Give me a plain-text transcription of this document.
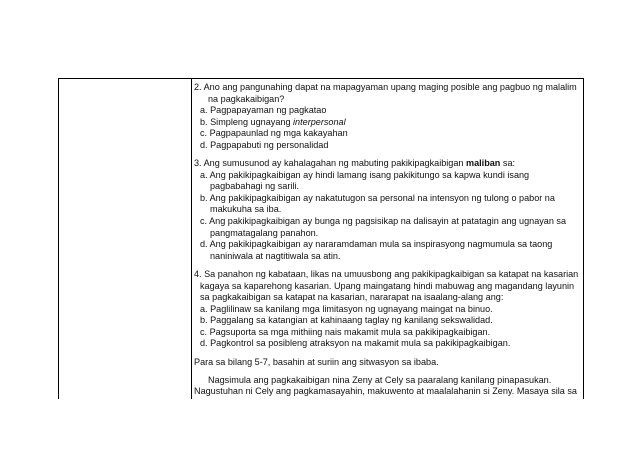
2. Ano ang pangunahing dapat na mapagyaman upang maging posible ang pagbuo ng malalim
na pagkakaibigan?
a. Pagpapayaman ng pagkatao
b. Simpleng ugnayang interpersonal
c. Pagpapaunlad ng mga kakayahan
d. Pagpapabuti ng personalidad
3. Ang sumusunod ay kahalagahan ng mabuting pakikipagkaibigan maliban sa:
a. Ang pakikipagkaibigan ay hindi lamang isang pakikitungo sa kapwa kundi isang
pagbabahagi ng sarili.
b. Ang pakikipagkaibigan ay nakatutugon sa personal na intensyon ng tulong o pabor na
makukuha sa iba.
c. Ang pakikipagkaibigan ay bunga ng pagsisikap na dalisayin at patatagin ang ugnayan sa
pangmatagalang panahon.
d. Ang pakikipagkaibigan ay nararamdaman mula sa inspirasyong nagmumula sa taong
naniniwala at nagtitiwala sa atin.
4. Sa panahon ng kabataan, likas na umuusbong ang pakikipagkaibigan sa katapat na kasarian
kagaya sa kaparehong kasarian. Upang maingatang hindi mabuwag ang magandang layunin
sa pagkakaibigan sa katapat na kasarian, nararapat na isaalang-alang ang:
a. Paglilinaw sa kanilang mga limitasyon ng ugnayang maingat na binuo.
b. Paggalang sa katangian at kahinaang taglay ng kanilang sekswalidad.
c. Pagsuporta sa mga mithiing nais makamit mula sa pakikipagkaibigan.
d. Pagkontrol sa posibleng atraksyon na makamit mula sa pakikipagkaibigan.
Para sa bilang 5-7, basahin at suriin ang sitwasyon sa ibaba.
Nagsimula ang pagkakaibigan nina Zeny at Cely sa paaralang kanilang pinapasukan.
Nagustuhan ni Cely ang pagkamasayahin, makuwento at maalalahanin si Zeny. Masaya sila sa
